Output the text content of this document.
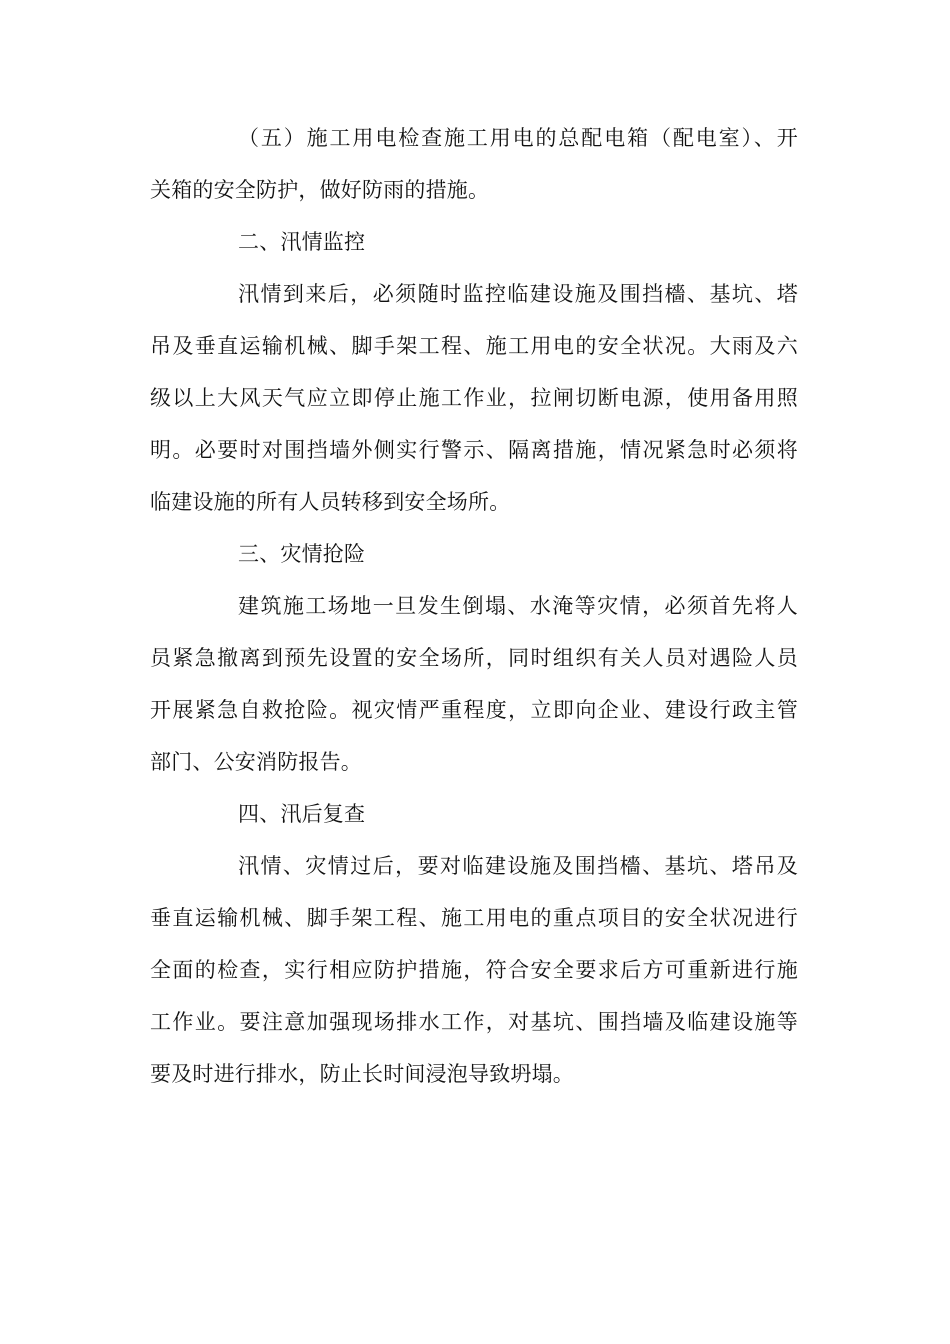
（五）施工用电检查施工用电的总配电箱（配电室）、开
关箱的安全防护，做好防雨的措施。
二、汛情监控
汛情到来后，必须随时监控临建设施及围挡檣、基坑、塔
吊及垂直运输机械、脚手架工程、施工用电的安全状况。大雨及六
级以上大风天气应立即停止施工作业，拉闸切断电源，使用备用照
明。必要时对围挡墙外侧实行警示、隔离措施，情况紧急时必须将
临建设施的所有人员转移到安全场所。
三、灾情抢险
建筑施工场地一旦发生倒塌、水淹等灾情，必须首先将人
员紧急撤离到预先设置的安全场所，同时组织有关人员对遇险人员
开展紧急自救抢险。视灾情严重程度，立即向企业、建设行政主管
部门、公安消防报告。
四、汛后复查
汛情、灾情过后，要对临建设施及围挡檣、基坑、塔吊及
垂直运输机械、脚手架工程、施工用电的重点项目的安全状况进行
全面的检查，实行相应防护措施，符合安全要求后方可重新进行施
工作业。要注意加强现场排水工作，对基坑、围挡墙及临建设施等
要及时进行排水，防止长时间浸泡导致坍塌。
